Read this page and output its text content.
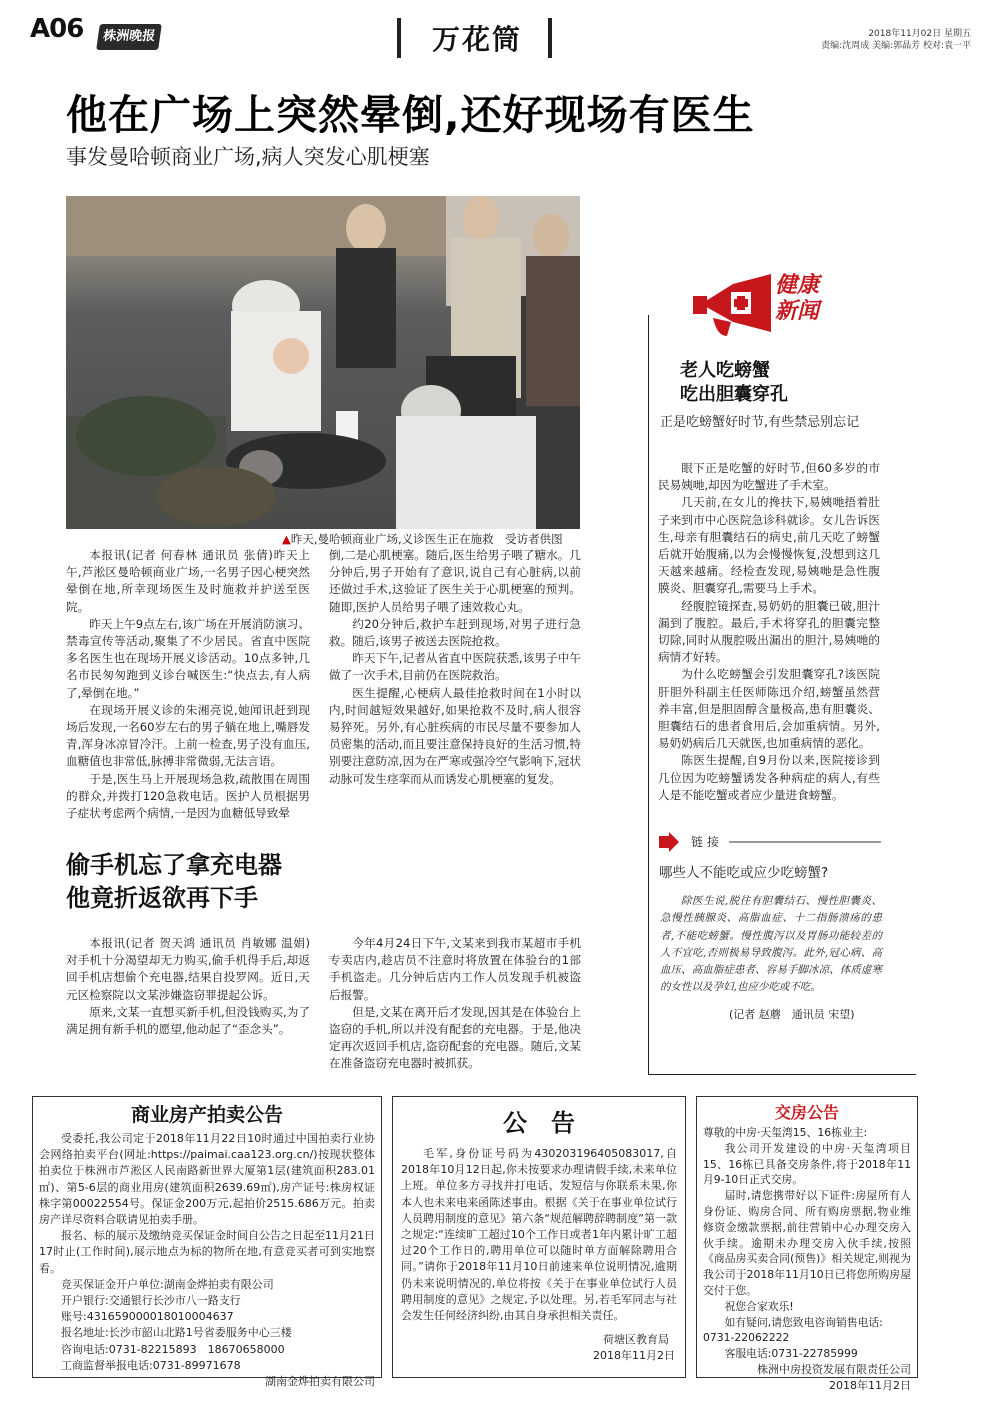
A06	株洲晚报	万花筒	2018年11月02日 星期五
责编:沈周成 美编:郭晶芳 校对:袁一平
他在广场上突然晕倒,还好现场有医生
事发曼哈顿商业广场,病人突发心肌梗塞
▲昨天,曼哈顿商业广场,义诊医生正在施救　受访者供图

本报讯(记者 何春林 通讯员 张倩)昨天上午,芦淞区曼哈顿商业广场,一名男子因心梗突然晕倒在地,所幸现场医生及时施救并护送至医院。

昨天上午9点左右,该广场在开展消防演习、禁毒宣传等活动,聚集了不少居民。省直中医院多名医生也在现场开展义诊活动。10点多钟,几名市民匆匆跑到义诊台喊医生:“快点去,有人病了,晕倒在地。”

在现场开展义诊的朱湘亮说,她闻讯赶到现场后发现,一名60岁左右的男子躺在地上,嘴唇发青,浑身冰凉冒冷汗。上前一检查,男子没有血压,血糖值也非常低,脉搏非常微弱,无法言语。

于是,医生马上开展现场急救,疏散围在周围的群众,并拨打120急救电话。医护人员根据男子症状考虑两个病情,一是因为血糖低导致晕

倒,二是心肌梗塞。随后,医生给男子喂了糖水。几分钟后,男子开始有了意识,说自己有心脏病,以前还做过手术,这验证了医生关于心肌梗塞的预判。随即,医护人员给男子喂了速效救心丸。

约20分钟后,救护车赶到现场,对男子进行急救。随后,该男子被送去医院抢救。

昨天下午,记者从省直中医院获悉,该男子中午做了一次手术,目前仍在医院救治。

医生提醒,心梗病人最佳抢救时间在1小时以内,时间越短效果越好,如果抢救不及时,病人很容易猝死。另外,有心脏疾病的市民尽量不要参加人员密集的活动,而且要注意保持良好的生活习惯,特别要注意防凉,因为在严寒或强冷空气影响下,冠状动脉可发生痉挛而从而诱发心肌梗塞的复发。

偷手机忘了拿充电器
他竟折返欲再下手

本报讯(记者 贺天鸿 通讯员 肖敏娜 温娟)对手机十分渴望却无力购买,偷手机得手后,却返回手机店想偷个充电器,结果自投罗网。近日,天元区检察院以文某涉嫌盗窃罪提起公诉。

原来,文某一直想买新手机,但没钱购买,为了满足拥有新手机的愿望,他动起了“歪念头”。

今年4月24日下午,文某来到我市某超市手机专卖店内,趁店员不注意时将放置在体验台的1部手机盗走。几分钟后店内工作人员发现手机被盗后报警。

但是,文某在离开后才发现,因其是在体验台上盗窃的手机,所以并没有配套的充电器。于是,他决定再次返回手机店,盗窃配套的充电器。随后,文某在准备盗窃充电器时被抓获。

健康
新闻
老人吃螃蟹
吃出胆囊穿孔
正是吃螃蟹好时节,有些禁忌别忘记

眼下正是吃蟹的好时节,但60多岁的市民易姨哋,却因为吃蟹进了手术室。

几天前,在女儿的搀扶下,易姨哋捂着肚子来到市中心医院急诊科就诊。女儿告诉医生,母亲有胆囊结石的病史,前几天吃了螃蟹后就开始腹痛,以为会慢慢恢复,没想到这几天越来越痛。经检查发现,易姨哋是急性腹膜炎、胆囊穿孔,需要马上手术。

经腹腔镜探查,易奶奶的胆囊已破,胆汁漏到了腹腔。最后,手术将穿孔的胆囊完整切除,同时从腹腔吸出漏出的胆汁,易姨哋的病情才好转。

为什么吃螃蟹会引发胆囊穿孔?该医院肝胆外科副主任医师陈迅介绍,螃蟹虽然营养丰富,但是胆固醇含量极高,患有胆囊炎、胆囊结石的患者食用后,会加重病情。另外,易奶奶病后几天就医,也加重病情的恶化。

陈医生提醒,自9月份以来,医院接诊到几位因为吃螃蟹诱发各种病症的病人,有些人是不能吃蟹或者应少量进食螃蟹。

链 接
哪些人不能吃或应少吃螃蟹?
除医生说,脱往有胆囊结石、慢性胆囊炎、急慢性胰腺炎、高脂血症、十二指肠溃疡的患者,不能吃螃蟹。慢性腹泻以及胃肠功能较差的人不宜吃,否则极易导致腹泻。此外,冠心病、高血压、高血脂症患者、容易手脚冰凉、体质虚寒的女性以及孕妇,也应少吃或不吃。
(记者 赵蘑　通讯员 宋望)
商业房产拍卖公告

受委托,我公司定于2018年11月22日10时通过中国拍卖行业协会网络拍卖平台(网址:https://paimai.caa123.org.cn/)按现状整体拍卖位于株洲市芦淞区人民南路新世界大厦第1层(建筑面积283.01㎡)、第5-6层的商业用房(建筑面积2639.69㎡),房产证号:株房权证株字第00022554号。保证金200万元,起拍价2515.686万元。拍卖房产详尽资料合联请见拍卖手册。

报名、标的展示及缴纳竞买保证金时间自公告之日起至11月21日17时止(工作时间),展示地点为标的物所在地,有意竞买者可到实地察看。

竞买保证金开户单位:湖南金烨拍卖有限公司

开户银行:交通银行长沙市八一路支行

账号:431659000018010004637

报名地址:长沙市韶山北路1号省委服务中心三楼

咨询电话:0731-82215893　18670658000

工商监督举报电话:0731-89971678

湖南金烨拍卖有限公司
公　告

毛军,身份证号码为430203196405083017,自2018年10月12日起,你未按要求办理请假手续,未来单位上班。单位多方寻找并打电话、发短信与你联系未果,你本人也未来电来函陈述事由。根据《关于在事业单位试行人员聘用制度的意见》第六条“规范解聘辞聘制度”第一款之规定:“连续旷工超过10个工作日或者1年内累计旷工超过20个工作日的,聘用单位可以随时单方面解除聘用合同。”请你于2018年11月10日前速来单位说明情况,逾期仍未来说明情况的,单位将按《关于在事业单位试行人员聘用制度的意见》之规定,予以处理。另,若毛军同志与社会发生任何经济纠纷,由其自身承担相关责任。

荷塘区教育局
2018年11月2日
交房公告

尊敬的中房·天玺湾15、16栋业主:

我公司开发建设的中房·天玺湾项目15、16栋已具备交房条件,将于2018年11月9-10日正式交房。

届时,请您携带好以下证件:房屋所有人身份证、购房合同、所有购房票据,物业维修资金缴款票据,前往营销中心办理交房入伙手续。逾期未办理交房入伙手续,按照《商品房买卖合同(预售)》相关规定,则视为我公司于2018年11月10日已将您所购房屋交付于您。

祝您合家欢乐!

如有疑问,请您致电咨询销售电话:

0731-22062222

客服电话:0731-22785999

株洲中房投资发展有限责任公司
2018年11月2日
